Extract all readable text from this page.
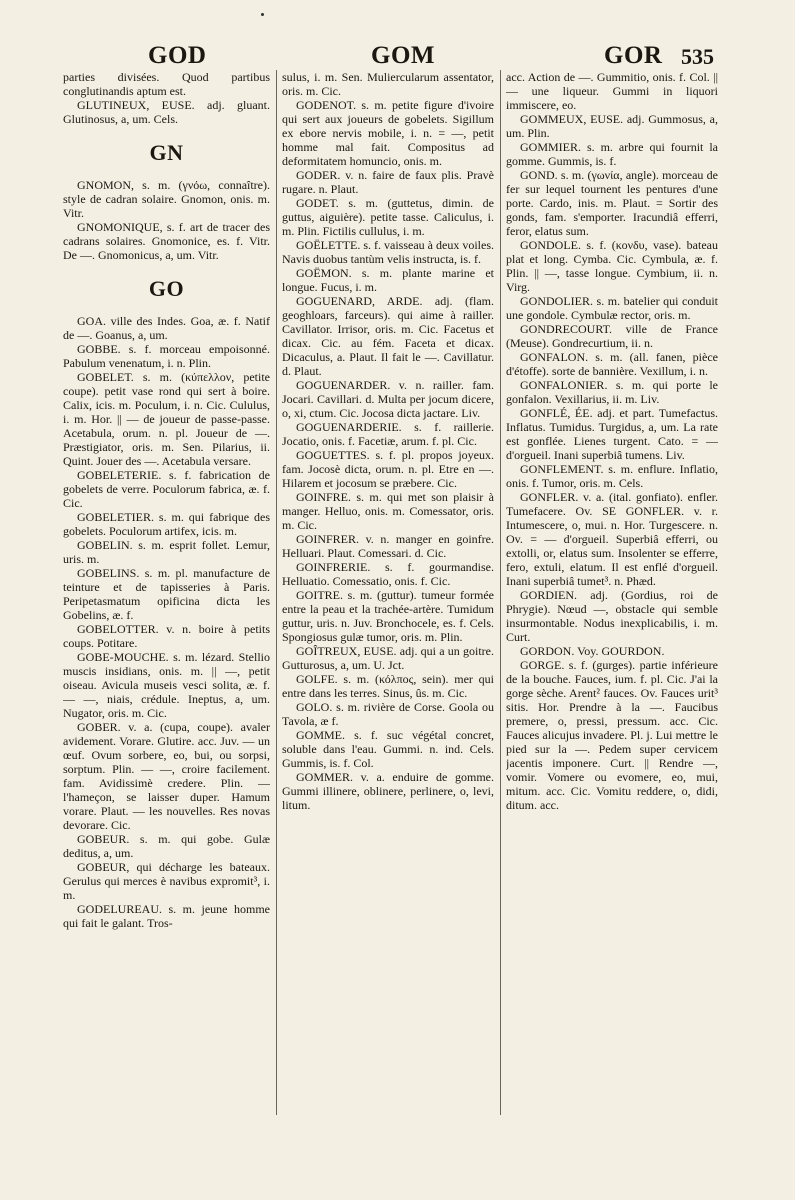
GOD	GOM	GOR 535

parties divisées. Quod partibus conglutinandis aptum est.

GLUTINEUX, EUSE. adj. gluant. Glutinosus, a, um. Cels.

GN

GNOMON, s. m. (γνόω, connaître). style de cadran solaire. Gnomon, onis. m. Vitr.

GNOMONIQUE, s. f. art de tracer des cadrans solaires. Gnomonice, es. f. Vitr. De —. Gnomonicus, a, um. Vitr.

GO

GOA. ville des Indes. Goa, æ. f. Natif de —. Goanus, a, um.

GOBBE. s. f. morceau empoisonné. Pabulum venenatum, i. n. Plin.

GOBELET. s. m. (κύπελλον, petite coupe). petit vase rond qui sert à boire. Calix, icis. m. Poculum, i. n. Cic. Cululus, i. m. Hor. || — de joueur de passe-passe. Acetabula, orum. n. pl. Joueur de —. Præstigiator, oris. m. Sen. Pilarius, ii. Quint. Jouer des —. Acetabula versare.

GOBELETERIE. s. f. fabrication de gobelets de verre. Poculorum fabrica, æ. f. Cic.

GOBELETIER. s. m. qui fabrique des gobelets. Poculorum artifex, icis. m.

GOBELIN. s. m. esprit follet. Lemur, uris. m.

GOBELINS. s. m. pl. manufacture de teinture et de tapisseries à Paris. Peripetasmatum opificina dicta les Gobelins, æ. f.

GOBELOTTER. v. n. boire à petits coups. Potitare.

GOBE-MOUCHE. s. m. lézard. Stellio muscis insidians, onis. m. || —, petit oiseau. Avicula museis vesci solita, æ. f. — —, niais, crédule. Ineptus, a, um. Nugator, oris. m. Cic.

GOBER. v. a. (cupa, coupe). avaler avidement. Vorare. Glutire. acc. Juv. — un œuf. Ovum sorbere, eo, bui, ou sorpsi, sorptum. Plin. — —, croire facilement. fam. Avidissimè credere. Plin. — l'hameçon, se laisser duper. Hamum vorare. Plaut. — les nouvelles. Res novas devorare. Cic.

GOBEUR. s. m. qui gobe. Gulæ deditus, a, um.

GOBEUR, qui décharge les bateaux. Gerulus qui merces è navibus expromit³, i. m.

GODELUREAU. s. m. jeune homme qui fait le galant. Tros-

sulus, i. m. Sen. Muliercularum assentator, oris. m. Cic.

GODENOT. s. m. petite figure d'ivoire qui sert aux joueurs de gobelets. Sigillum ex ebore nervis mobile, i. n. = —, petit homme mal fait. Compositus ad deformitatem homuncio, onis. m.

GODER. v. n. faire de faux plis. Pravè rugare. n. Plaut.

GODET. s. m. (guttetus, dimin. de guttus, aiguière). petite tasse. Caliculus, i. m. Plin. Fictilis cullulus, i. m.

GOËLETTE. s. f. vaisseau à deux voiles. Navis duobus tantùm velis instructa, is. f.

GOËMON. s. m. plante marine et longue. Fucus, i. m.

GOGUENARD, ARDE. adj. (flam. geoghloars, farceurs). qui aime à railler. Cavillator. Irrisor, oris. m. Cic. Facetus et dicax. Cic. au fém. Faceta et dicax. Dicaculus, a. Plaut. Il fait le —. Cavillatur. d. Plaut.

GOGUENARDER. v. n. railler. fam. Jocari. Cavillari. d. Multa per jocum dicere, o, xi, ctum. Cic. Jocosa dicta jactare. Liv.

GOGUENARDERIE. s. f. raillerie. Jocatio, onis. f. Facetiæ, arum. f. pl. Cic.

GOGUETTES. s. f. pl. propos joyeux. fam. Jocosè dicta, orum. n. pl. Etre en —. Hilarem et jocosum se præbere. Cic.

GOINFRE. s. m. qui met son plaisir à manger. Helluo, onis. m. Comessator, oris. m. Cic.

GOINFRER. v. n. manger en goinfre. Helluari. Plaut. Comessari. d. Cic.

GOINFRERIE. s. f. gourmandise. Helluatio. Comessatio, onis. f. Cic.

GOITRE. s. m. (guttur). tumeur formée entre la peau et la trachée-artère. Tumidum guttur, uris. n. Juv. Bronchocele, es. f. Cels. Spongiosus gulæ tumor, oris. m. Plin.

GOÎTREUX, EUSE. adj. qui a un goitre. Gutturosus, a, um. U. Jct.

GOLFE. s. m. (κόλπος, sein). mer qui entre dans les terres. Sinus, ûs. m. Cic.

GOLO. s. m. rivière de Corse. Goola ou Tavola, æ f.

GOMME. s. f. suc végétal concret, soluble dans l'eau. Gummi. n. ind. Cels. Gummis, is. f. Col.

GOMMER. v. a. enduire de gomme. Gummi illinere, oblinere, perlinere, o, levi, litum.

acc. Action de —. Gummitio, onis. f. Col. || — une liqueur. Gummi in liquori immiscere, eo.

GOMMEUX, EUSE. adj. Gummosus, a, um. Plin.

GOMMIER. s. m. arbre qui fournit la gomme. Gummis, is. f.

GOND. s. m. (γωνία, angle). morceau de fer sur lequel tournent les pentures d'une porte. Cardo, inis. m. Plaut. = Sortir des gonds, fam. s'emporter. Iracundiâ efferri, feror, elatus sum.

GONDOLE. s. f. (κονδυ, vase). bateau plat et long. Cymba. Cic. Cymbula, æ. f. Plin. || —, tasse longue. Cymbium, ii. n. Virg.

GONDOLIER. s. m. batelier qui conduit une gondole. Cymbulæ rector, oris. m.

GONDRECOURT. ville de France (Meuse). Gondrecurtium, ii. n.

GONFALON. s. m. (all. fanen, pièce d'étoffe). sorte de bannière. Vexillum, i. n.

GONFALONIER. s. m. qui porte le gonfalon. Vexillarius, ii. m. Liv.

GONFLÉ, ÉE. adj. et part. Tumefactus. Inflatus. Tumidus. Turgidus, a, um. La rate est gonflée. Lienes turgent. Cato. = — d'orgueil. Inani superbiâ tumens. Liv.

GONFLEMENT. s. m. enflure. Inflatio, onis. f. Tumor, oris. m. Cels.

GONFLER. v. a. (ital. gonfiato). enfler. Tumefacere. Ov. SE GONFLER. v. r. Intumescere, o, mui. n. Hor. Turgescere. n. Ov. = — d'orgueil. Superbiâ efferri, ou extolli, or, elatus sum. Insolenter se efferre, fero, extuli, elatum. Il est enflé d'orgueil. Inani superbiâ tumet³. n. Phæd.

GORDIEN. adj. (Gordius, roi de Phrygie). Nœud —, obstacle qui semble insurmontable. Nodus inexplicabilis, i. m. Curt.

GORDON. Voy. GOURDON.

GORGE. s. f. (gurges). partie inférieure de la bouche. Fauces, ium. f. pl. Cic. J'ai la gorge sèche. Arent² fauces. Ov. Fauces urit³ sitis. Hor. Prendre à la —. Faucibus premere, o, pressi, pressum. acc. Cic. Fauces alicujus invadere. Pl. j. Lui mettre le pied sur la —. Pedem super cervicem jacentis imponere. Curt. || Rendre —, vomir. Vomere ou evomere, eo, mui, mitum. acc. Cic. Vomitu reddere, o, didi, ditum. acc.
